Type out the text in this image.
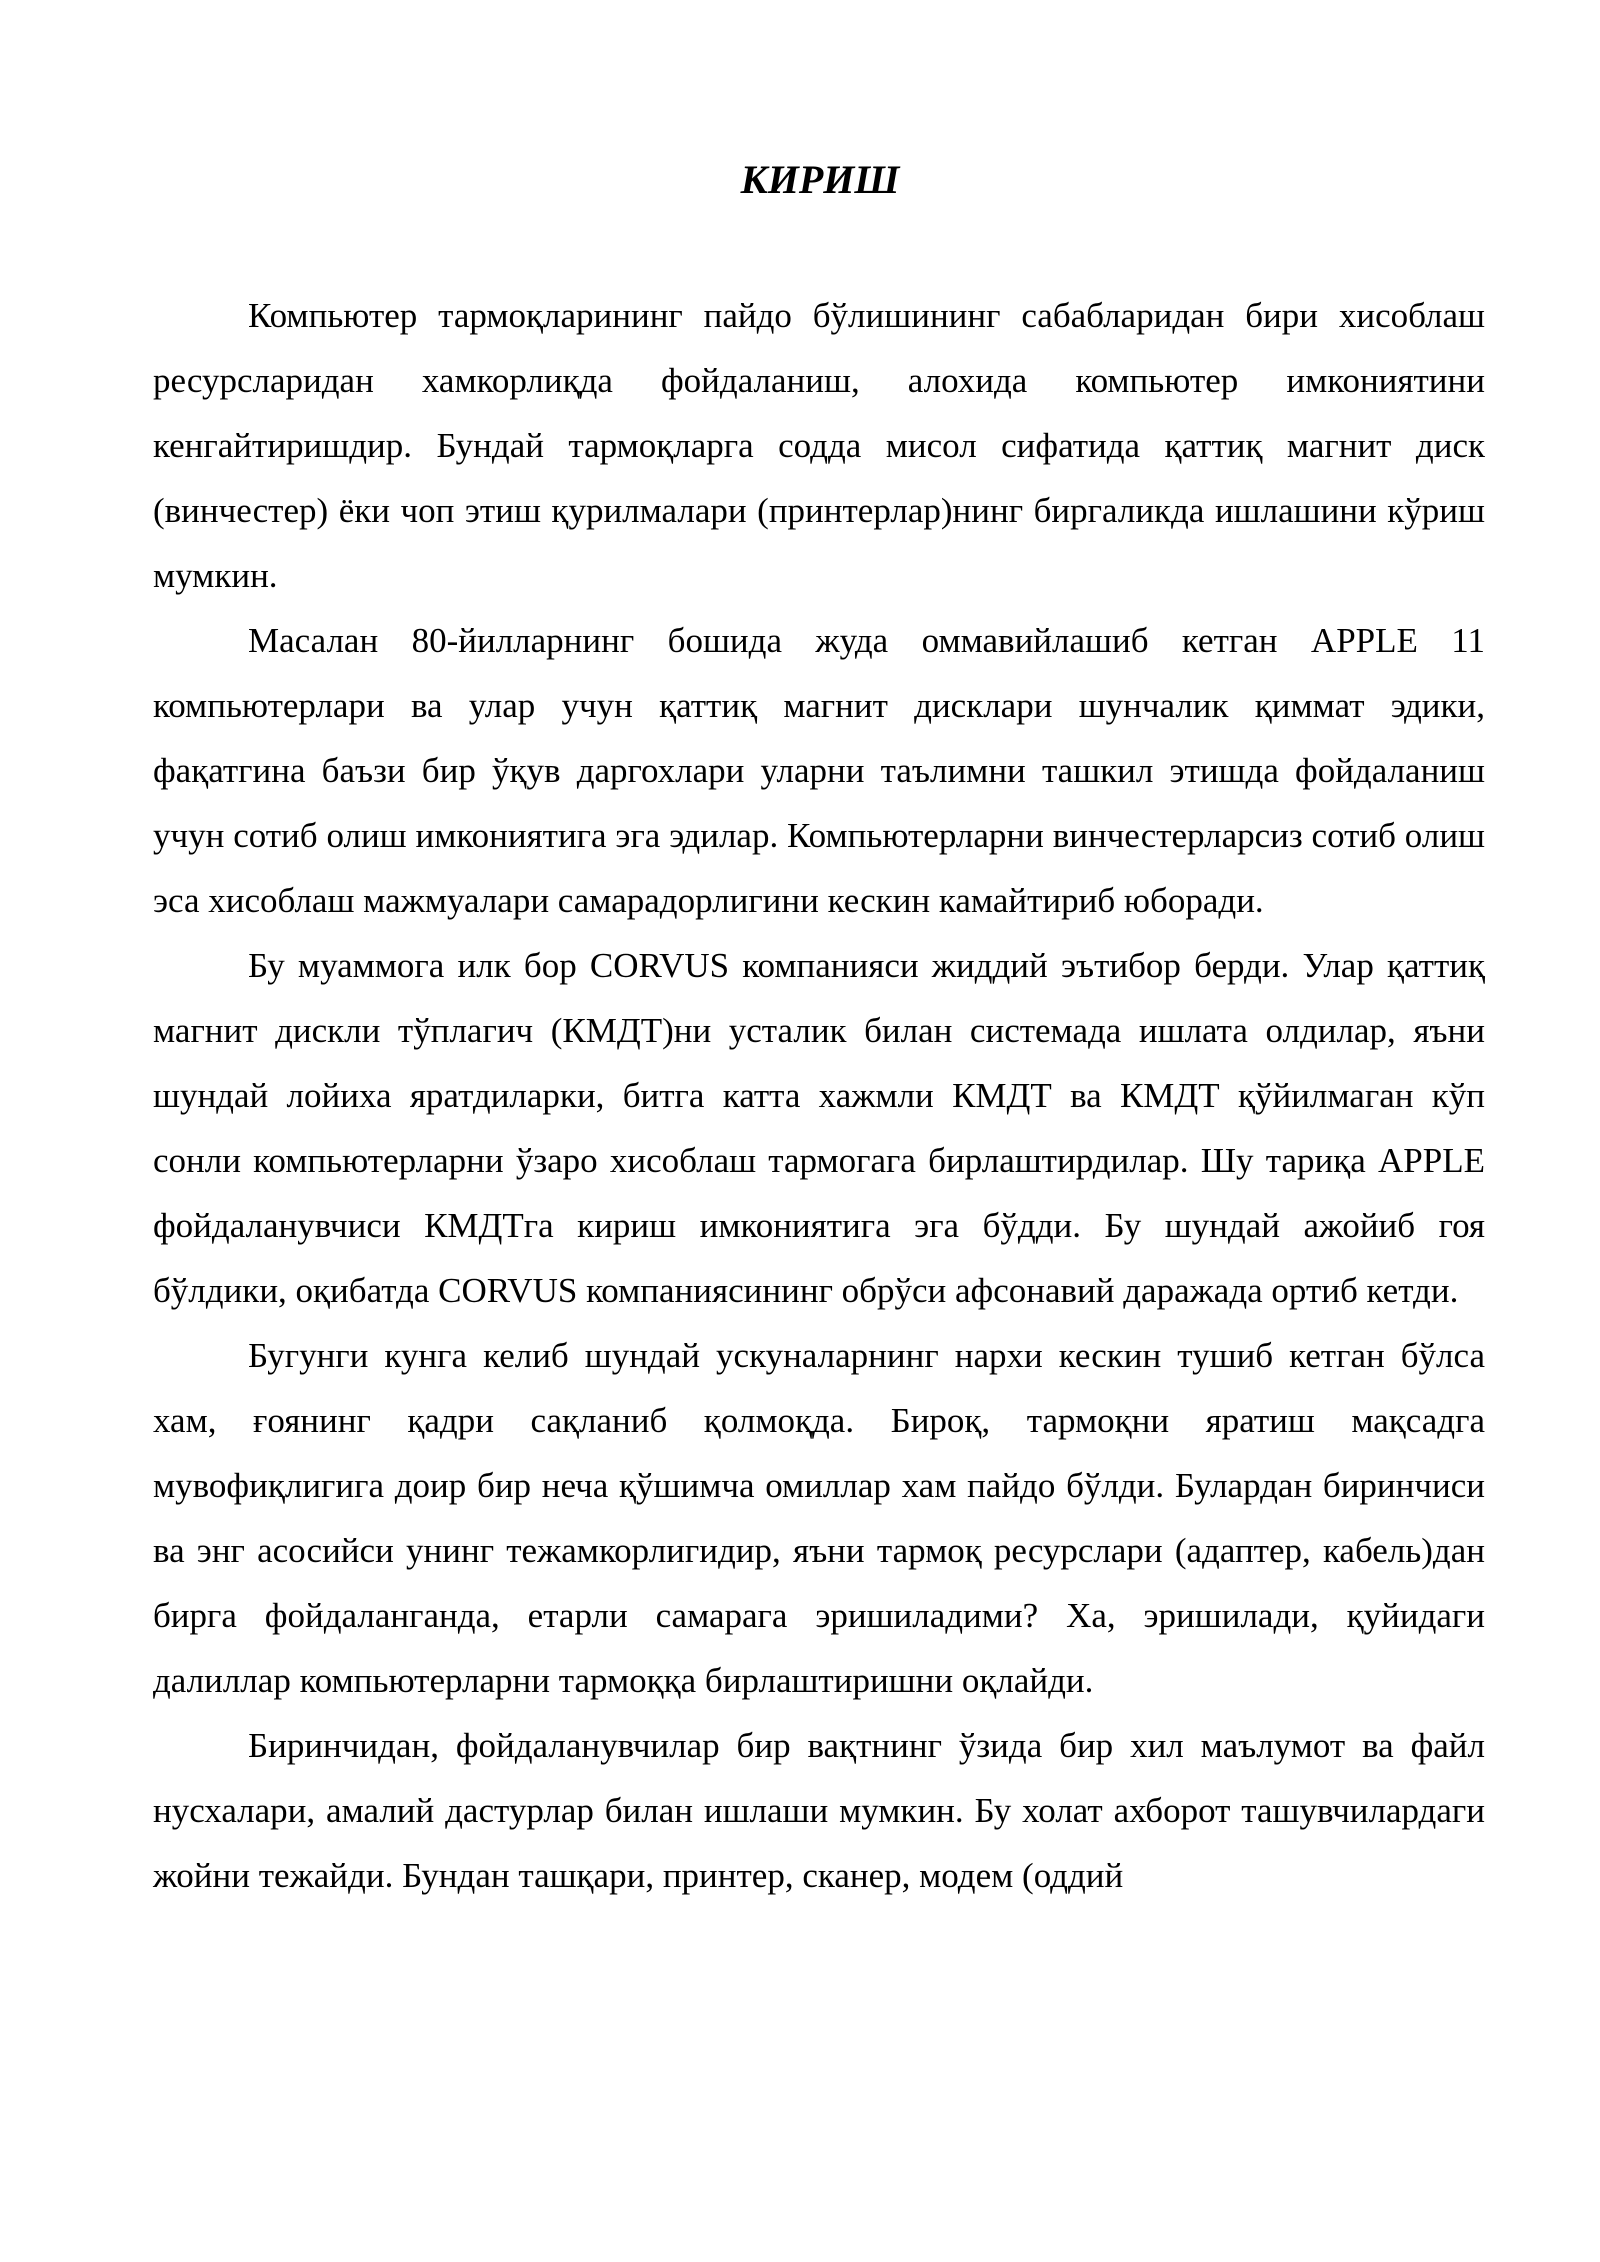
КИРИШ

Компьютер тармоқларининг пайдо бўлишининг сабабларидан бири хисоблаш ресурсларидан хамкорлиқда фойдаланиш, алохида компьютер имкониятини кенгайтиришдир. Бундай тармоқларга содда мисол сифатида қаттиқ магнит диск (винчестер) ёки чоп этиш қурилмалари (принтерлар)нинг биргаликда ишлашини кўриш мумкин.

Масалан 80-йилларнинг бошида жуда оммавийлашиб кетган APPLE 11 компьютерлари ва улар учун қаттиқ магнит дисклари шунчалик қиммат эдики, фақатгина баъзи бир ўқув даргохлари уларни таълимни ташкил этишда фойдаланиш учун сотиб олиш имкониятига эга эдилар. Компьютерларни винчестерларсиз сотиб олиш эса хисоблаш мажмуалари самарадорлигини кескин камайтириб юборади.

Бу муаммога илк бор CORVUS компанияси жиддий эътибор берди. Улар қаттиқ магнит дискли тўплагич (КМДТ)ни усталик билан системада ишлата олдилар, яъни шундай лойиха яратдиларки, битга катта хажмли КМДТ ва КМДТ қўйилмаган кўп сонли компьютерларни ўзаро хисоблаш тармогага бирлаштирдилар. Шу тариқа APPLE фойдаланувчиси КМДТга кириш имкониятига эга бўдди. Бу шундай ажойиб гоя бўлдики, оқибатда CORVUS компаниясининг обрўси афсонавий даражада ортиб кетди.

Бугунги кунга келиб шундай ускуналарнинг нархи кескин тушиб кетган бўлса хам, ғоянинг қадри сақланиб қолмоқда. Бироқ, тармоқни яратиш мақсадга мувофиқлигига доир бир неча қўшимча омиллар хам пайдо бўлди. Булардан биринчиси ва энг асосийси унинг тежамкорлигидир, яъни тармоқ ресурслари (адаптер, кабель)дан бирга фойдаланганда, етарли самарага эришиладими? Ха, эришилади, қуйидаги далиллар компьютерларни тармоққа бирлаштиришни оқлайди.

Биринчидан, фойдаланувчилар бир вақтнинг ўзида бир хил маълумот ва файл нусхалари, амалий дастурлар билан ишлаши мумкин. Бу холат ахборот ташувчилардаги жойни тежайди. Бундан ташқари, принтер, сканер, модем (оддий
